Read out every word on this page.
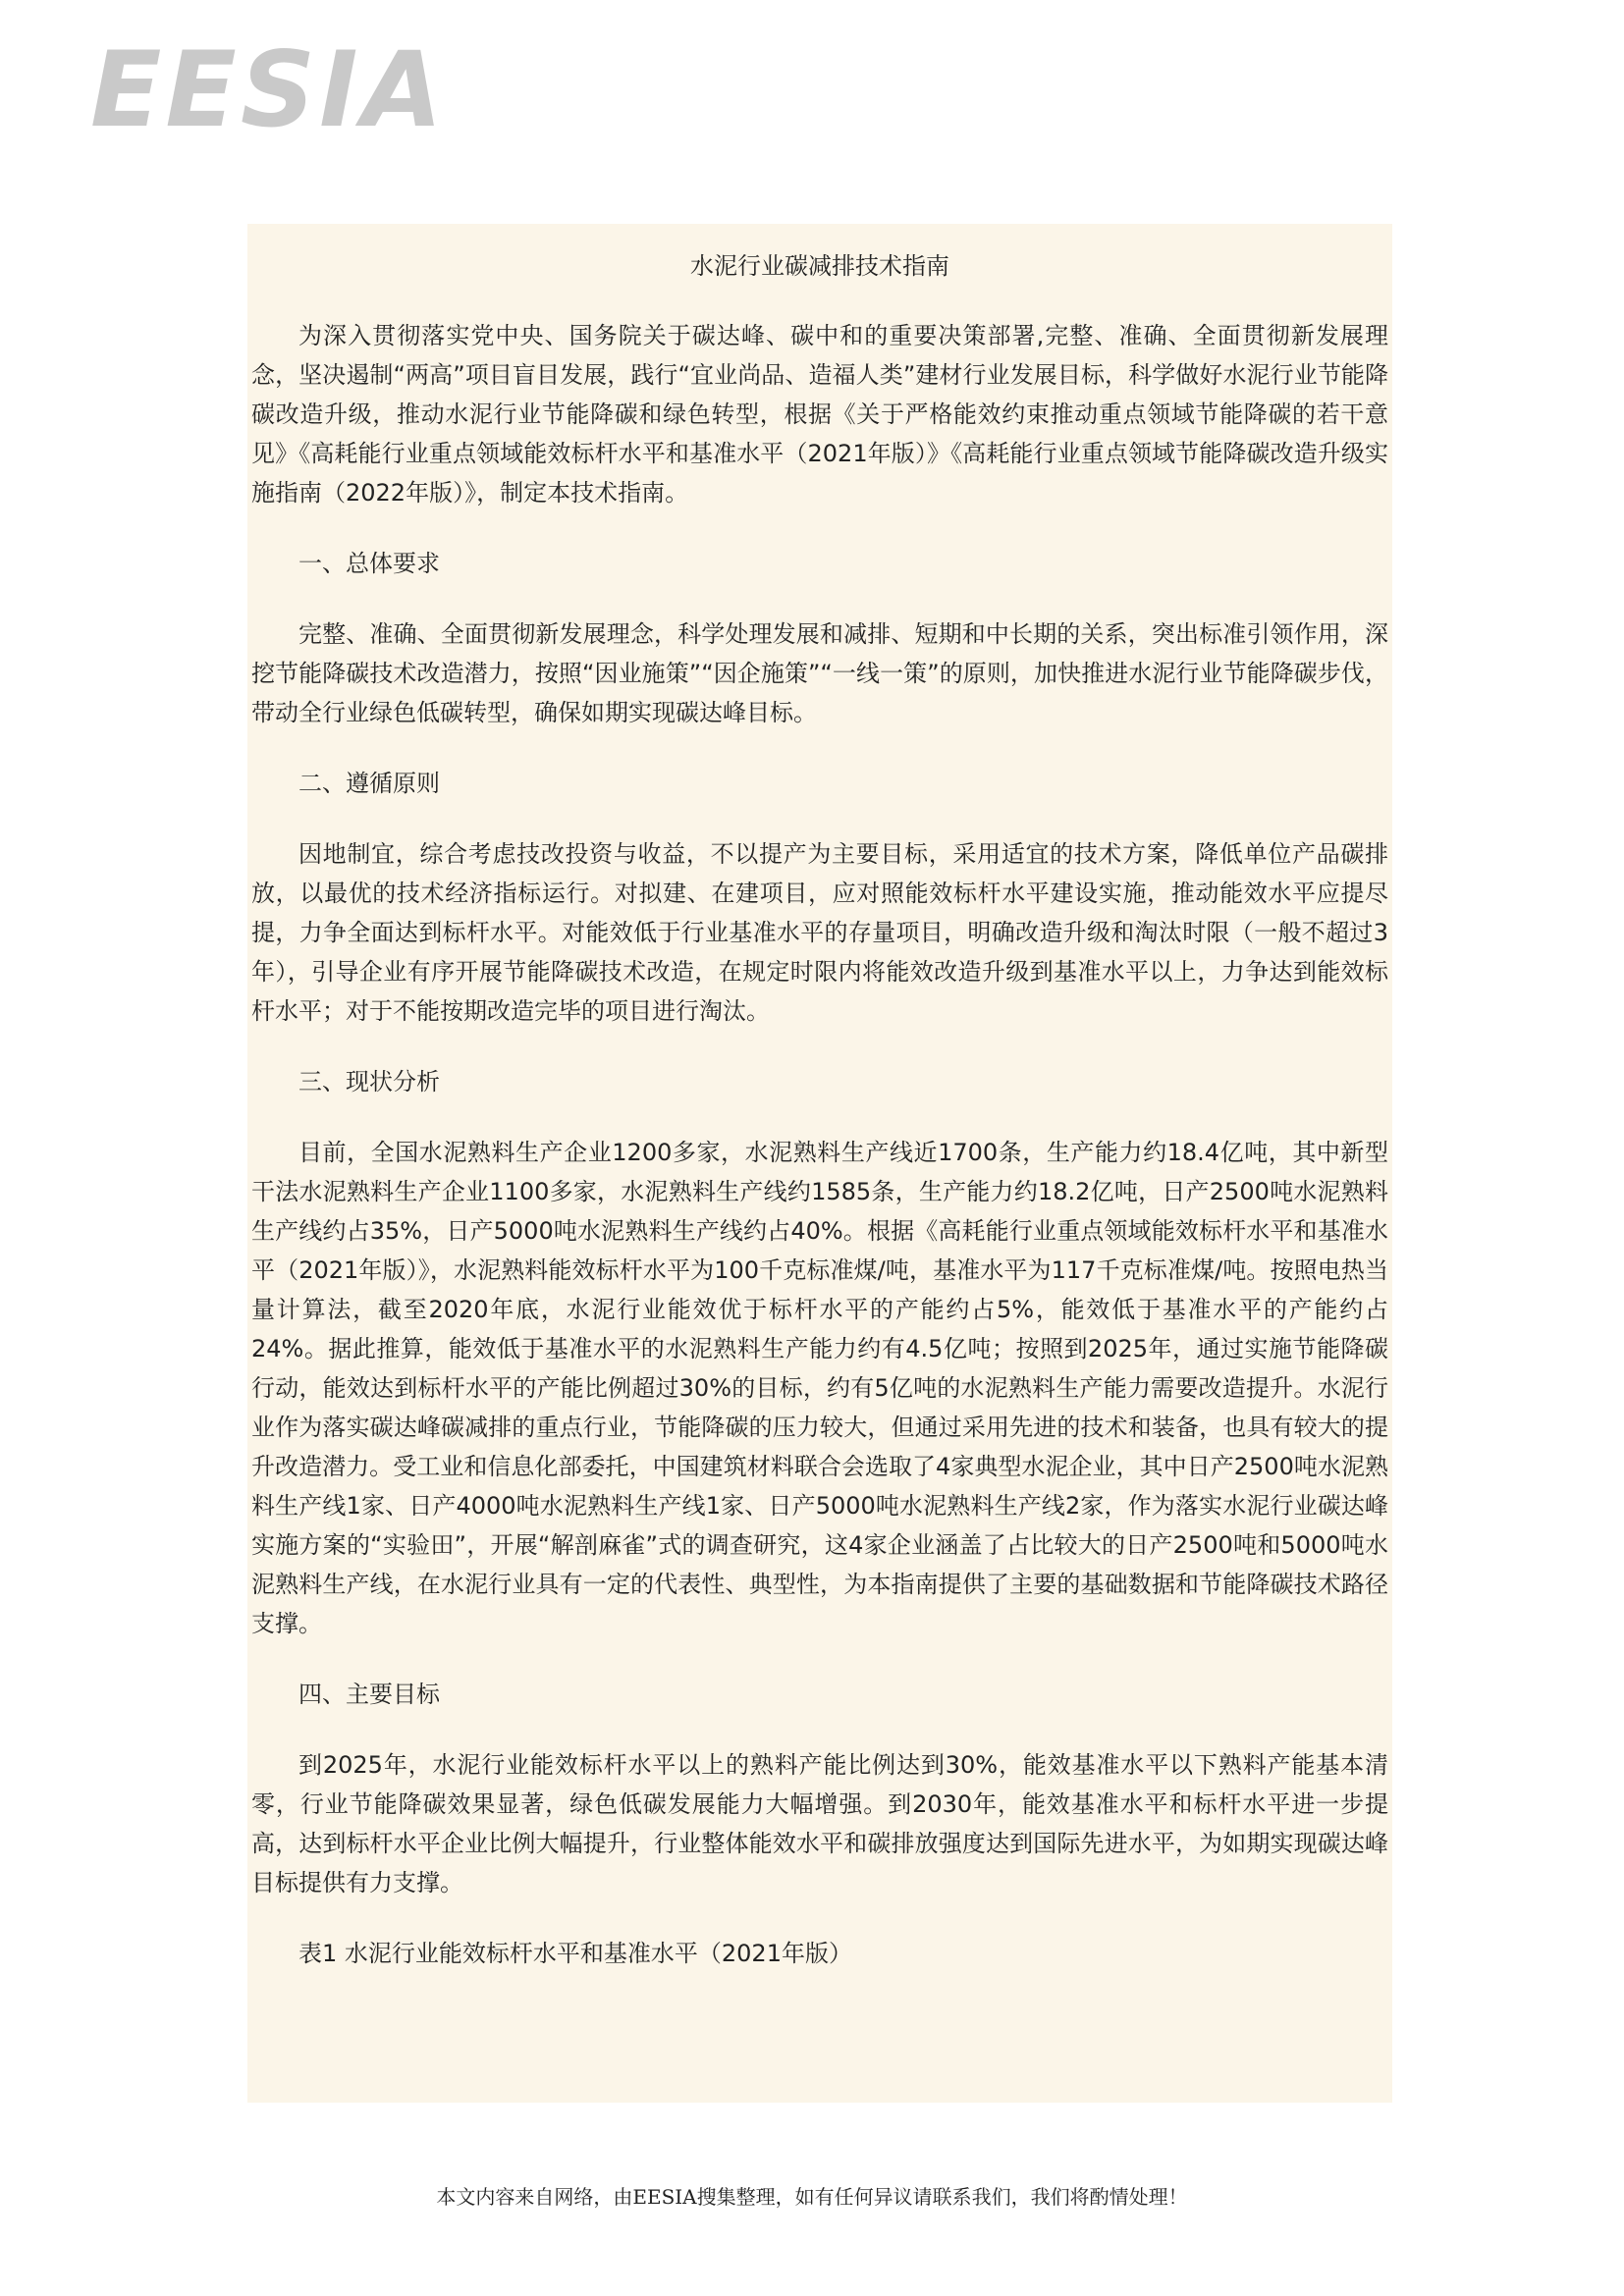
EESIA
水泥行业碳减排技术指南

为深入贯彻落实党中央、国务院关于碳达峰、碳中和的重要决策部署,完整、准确、全面贯彻新发展理念，坚决遏制“两高”项目盲目发展，践行“宜业尚品、造福人类”建材行业发展目标，科学做好水泥行业节能降碳改造升级，推动水泥行业节能降碳和绿色转型，根据《关于严格能效约束推动重点领域节能降碳的若干意见》《高耗能行业重点领域能效标杆水平和基准水平（2021年版）》《高耗能行业重点领域节能降碳改造升级实施指南（2022年版）》，制定本技术指南。

一、总体要求

完整、准确、全面贯彻新发展理念，科学处理发展和减排、短期和中长期的关系，突出标准引领作用，深挖节能降碳技术改造潜力，按照“因业施策”“因企施策”“一线一策”的原则，加快推进水泥行业节能降碳步伐，带动全行业绿色低碳转型，确保如期实现碳达峰目标。

二、遵循原则

因地制宜，综合考虑技改投资与收益，不以提产为主要目标，采用适宜的技术方案，降低单位产品碳排放，以最优的技术经济指标运行。对拟建、在建项目，应对照能效标杆水平建设实施，推动能效水平应提尽提，力争全面达到标杆水平。对能效低于行业基准水平的存量项目，明确改造升级和淘汰时限（一般不超过3年），引导企业有序开展节能降碳技术改造，在规定时限内将能效改造升级到基准水平以上，力争达到能效标杆水平；对于不能按期改造完毕的项目进行淘汰。

三、现状分析

目前，全国水泥熟料生产企业1200多家，水泥熟料生产线近1700条，生产能力约18.4亿吨，其中新型干法水泥熟料生产企业1100多家，水泥熟料生产线约1585条，生产能力约18.2亿吨，日产2500吨水泥熟料生产线约占35%，日产5000吨水泥熟料生产线约占40%。根据《高耗能行业重点领域能效标杆水平和基准水平（2021年版）》，水泥熟料能效标杆水平为100千克标准煤/吨，基准水平为117千克标准煤/吨。按照电热当量计算法，截至2020年底，水泥行业能效优于标杆水平的产能约占5%，能效低于基准水平的产能约占24%。据此推算，能效低于基准水平的水泥熟料生产能力约有4.5亿吨；按照到2025年，通过实施节能降碳行动，能效达到标杆水平的产能比例超过30%的目标，约有5亿吨的水泥熟料生产能力需要改造提升。水泥行业作为落实碳达峰碳减排的重点行业，节能降碳的压力较大，但通过采用先进的技术和装备，也具有较大的提升改造潜力。受工业和信息化部委托，中国建筑材料联合会选取了4家典型水泥企业，其中日产2500吨水泥熟料生产线1家、日产4000吨水泥熟料生产线1家、日产5000吨水泥熟料生产线2家，作为落实水泥行业碳达峰实施方案的“实验田”，开展“解剖麻雀”式的调查研究，这4家企业涵盖了占比较大的日产2500吨和5000吨水泥熟料生产线，在水泥行业具有一定的代表性、典型性，为本指南提供了主要的基础数据和节能降碳技术路径支撑。

四、主要目标

到2025年，水泥行业能效标杆水平以上的熟料产能比例达到30%，能效基准水平以下熟料产能基本清零，行业节能降碳效果显著，绿色低碳发展能力大幅增强。到2030年，能效基准水平和标杆水平进一步提高，达到标杆水平企业比例大幅提升，行业整体能效水平和碳排放强度达到国际先进水平，为如期实现碳达峰目标提供有力支撑。

表1 水泥行业能效标杆水平和基准水平（2021年版）
本文内容来自网络，由EESIA搜集整理，如有任何异议请联系我们，我们将酌情处理！
